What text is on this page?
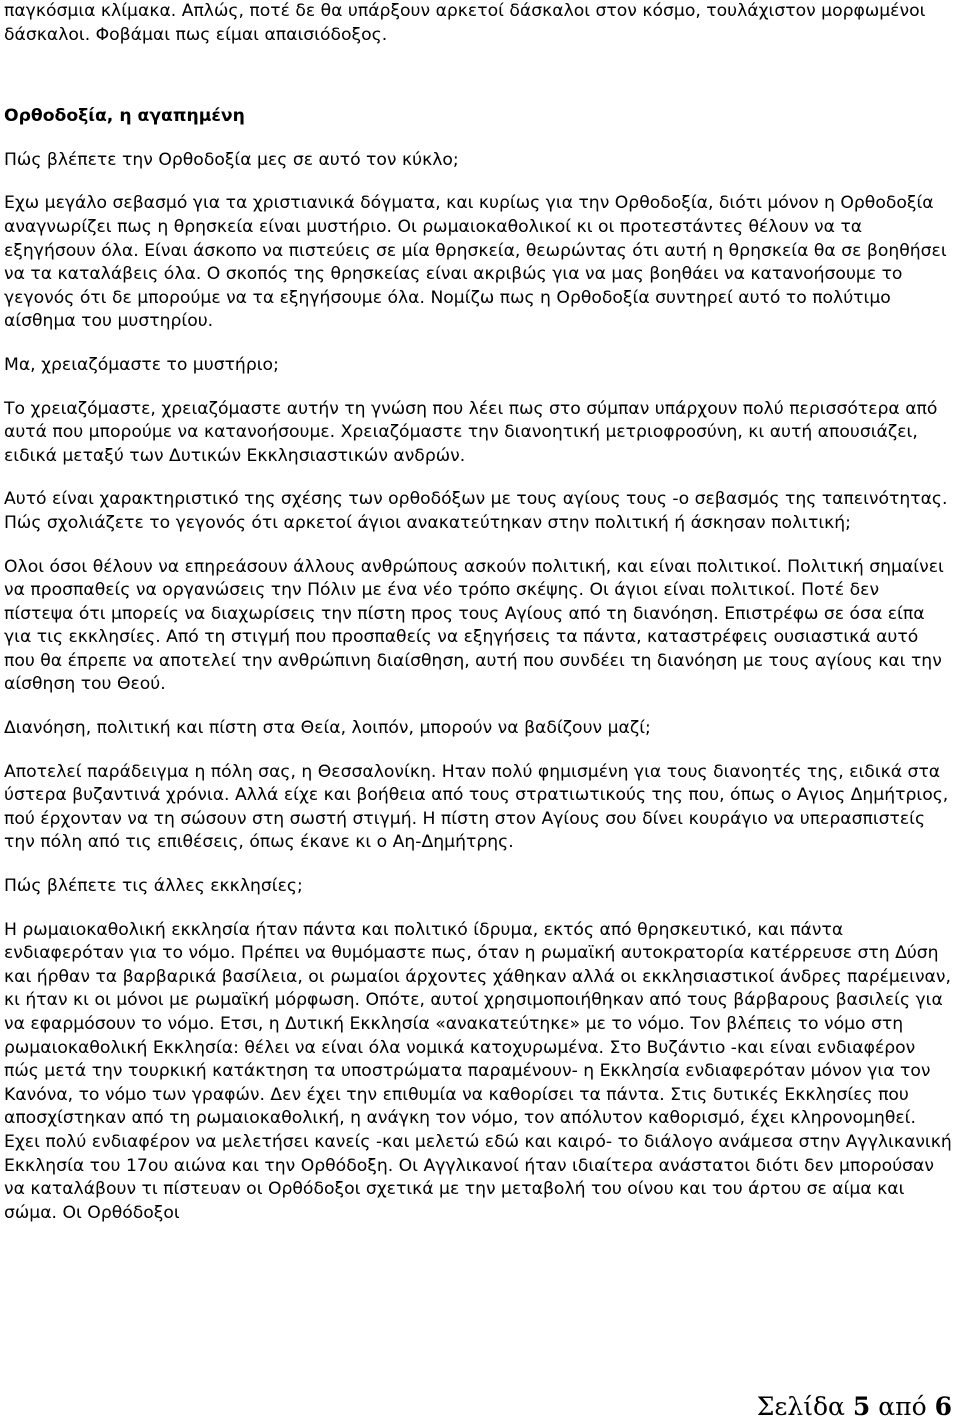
παγκόσμια κλίμακα. Απλώς, ποτέ δε θα υπάρξουν αρκετοί δάσκαλοι στον κόσμο, τουλάχιστον μορφωμένοι δάσκαλοι. Φοβάμαι πως είμαι απαισιόδοξος.

Ορθοδοξία, η αγαπημένη

Πώς βλέπετε την Ορθοδοξία μες σε αυτό τον κύκλο;

Εχω μεγάλο σεβασμό για τα χριστιανικά δόγματα, και κυρίως για την Ορθοδοξία, διότι μόνον η Ορθοδοξία αναγνωρίζει πως η θρησκεία είναι μυστήριο. Οι ρωμαιοκαθολικοί κι οι προτεστάντες θέλουν να τα εξηγήσουν όλα. Είναι άσκοπο να πιστεύεις σε μία θρησκεία, θεωρώντας ότι αυτή η θρησκεία θα σε βοηθήσει να τα καταλάβεις όλα. Ο σκοπός της θρησκείας είναι ακριβώς για να μας βοηθάει να κατανοήσουμε το γεγονός ότι δε μπορούμε να τα εξηγήσουμε όλα. Νομίζω πως η Ορθοδοξία συντηρεί αυτό το πολύτιμο αίσθημα του μυστηρίου.

Μα, χρειαζόμαστε το μυστήριο;

Το χρειαζόμαστε, χρειαζόμαστε αυτήν τη γνώση που λέει πως στο σύμπαν υπάρχουν πολύ περισσότερα από αυτά που μπορούμε να κατανοήσουμε. Χρειαζόμαστε την διανοητική μετριοφροσύνη, κι αυτή απουσιάζει, ειδικά μεταξύ των Δυτικών Εκκλησιαστικών ανδρών.

Αυτό είναι χαρακτηριστικό της σχέσης των ορθοδόξων με τους αγίους τους -ο σεβασμός της ταπεινότητας. Πώς σχολιάζετε το γεγονός ότι αρκετοί άγιοι ανακατεύτηκαν στην πολιτική ή άσκησαν πολιτική;

Ολοι όσοι θέλουν να επηρεάσουν άλλους ανθρώπους ασκούν πολιτική, και είναι πολιτικοί. Πολιτική σημαίνει να προσπαθείς να οργανώσεις την Πόλιν με ένα νέο τρόπο σκέψης. Οι άγιοι είναι πολιτικοί. Ποτέ δεν πίστεψα ότι μπορείς να διαχωρίσεις την πίστη προς τους Αγίους από τη διανόηση. Επιστρέφω σε όσα είπα για τις εκκλησίες. Από τη στιγμή που προσπαθείς να εξηγήσεις τα πάντα, καταστρέφεις ουσιαστικά αυτό που θα έπρεπε να αποτελεί την ανθρώπινη διαίσθηση, αυτή που συνδέει τη διανόηση με τους αγίους και την αίσθηση του Θεού.

Διανόηση, πολιτική και πίστη στα Θεία, λοιπόν, μπορούν να βαδίζουν μαζί;

Αποτελεί παράδειγμα η πόλη σας, η Θεσσαλονίκη. Ηταν πολύ φημισμένη για τους διανοητές της, ειδικά στα ύστερα βυζαντινά χρόνια. Αλλά είχε και βοήθεια από τους στρατιωτικούς της που, όπως ο Αγιος Δημήτριος, πού έρχονταν να τη σώσουν στη σωστή στιγμή. Η πίστη στον Αγίους σου δίνει κουράγιο να υπερασπιστείς την πόλη από τις επιθέσεις, όπως έκανε κι ο Αη-Δημήτρης.

Πώς βλέπετε τις άλλες εκκλησίες;

Η ρωμαιοκαθολική εκκλησία ήταν πάντα και πολιτικό ίδρυμα, εκτός από θρησκευτικό, και πάντα ενδιαφερόταν για το νόμο. Πρέπει να θυμόμαστε πως, όταν η ρωμαϊκή αυτοκρατορία κατέρρευσε στη Δύση και ήρθαν τα βαρβαρικά βασίλεια, οι ρωμαίοι άρχοντες χάθηκαν αλλά οι εκκλησιαστικοί άνδρες παρέμειναν, κι ήταν κι οι μόνοι με ρωμαϊκή μόρφωση. Οπότε, αυτοί χρησιμοποιήθηκαν από τους βάρβαρους βασιλείς για να εφαρμόσουν το νόμο. Ετσι, η Δυτική Εκκλησία «ανακατεύτηκε» με το νόμο. Τον βλέπεις το νόμο στη ρωμαιοκαθολική Εκκλησία: θέλει να είναι όλα νομικά κατοχυρωμένα. Στο Βυζάντιο -και είναι ενδιαφέρον πώς μετά την τουρκική κατάκτηση τα υποστρώματα παραμένουν- η Εκκλησία ενδιαφερόταν μόνον για τον Κανόνα, το νόμο των γραφών. Δεν έχει την επιθυμία να καθορίσει τα πάντα. Στις δυτικές Εκκλησίες που αποσχίστηκαν από τη ρωμαιοκαθολική, η ανάγκη τον νόμο, τον απόλυτον καθορισμό, έχει κληρονομηθεί. Εχει πολύ ενδιαφέρον να μελετήσει κανείς -και μελετώ εδώ και καιρό- το διάλογο ανάμεσα στην Αγγλικανική Εκκλησία του 17ου αιώνα και την Ορθόδοξη. Οι Αγγλικανοί ήταν ιδιαίτερα ανάστατοι διότι δεν μπορούσαν να καταλάβουν τι πίστευαν οι Ορθόδοξοι σχετικά με την μεταβολή του οίνου και του άρτου σε αίμα και σώμα. Οι Ορθόδοξοι

Σελίδα 5 από 6
